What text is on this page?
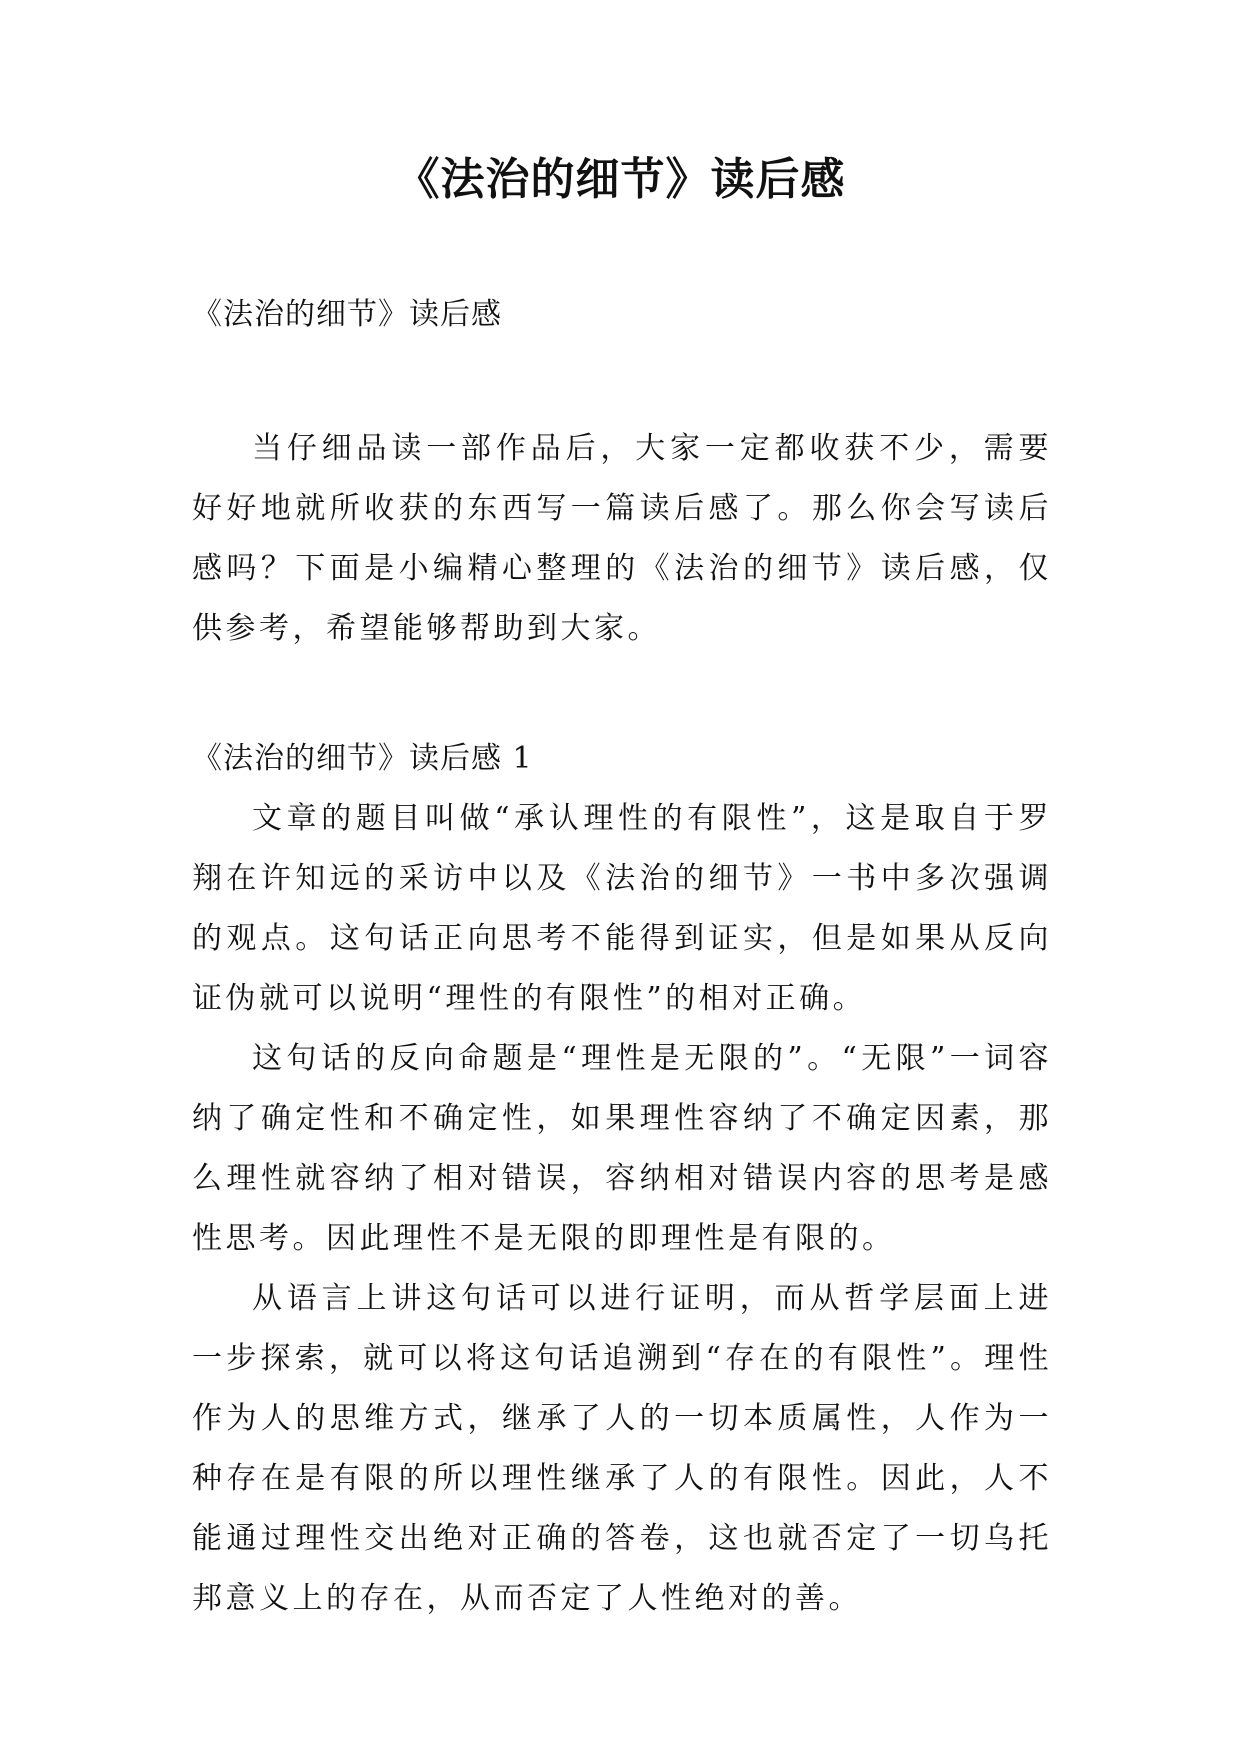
《法治的细节》读后感

《法治的细节》读后感

当仔细品读一部作品后，大家一定都收获不少，需要好好地就所收获的东西写一篇读后感了。那么你会写读后感吗？下面是小编精心整理的《法治的细节》读后感，仅供参考，希望能够帮助到大家。

《法治的细节》读后感 1

文章的题目叫做“承认理性的有限性”，这是取自于罗翔在许知远的采访中以及《法治的细节》一书中多次强调的观点。这句话正向思考不能得到证实，但是如果从反向证伪就可以说明“理性的有限性”的相对正确。

这句话的反向命题是“理性是无限的”。“无限”一词容纳了确定性和不确定性，如果理性容纳了不确定因素，那么理性就容纳了相对错误，容纳相对错误内容的思考是感性思考。因此理性不是无限的即理性是有限的。

从语言上讲这句话可以进行证明，而从哲学层面上进一步探索，就可以将这句话追溯到“存在的有限性”。理性作为人的思维方式，继承了人的一切本质属性，人作为一种存在是有限的所以理性继承了人的有限性。因此，人不能通过理性交出绝对正确的答卷，这也就否定了一切乌托邦意义上的存在，从而否定了人性绝对的善。
